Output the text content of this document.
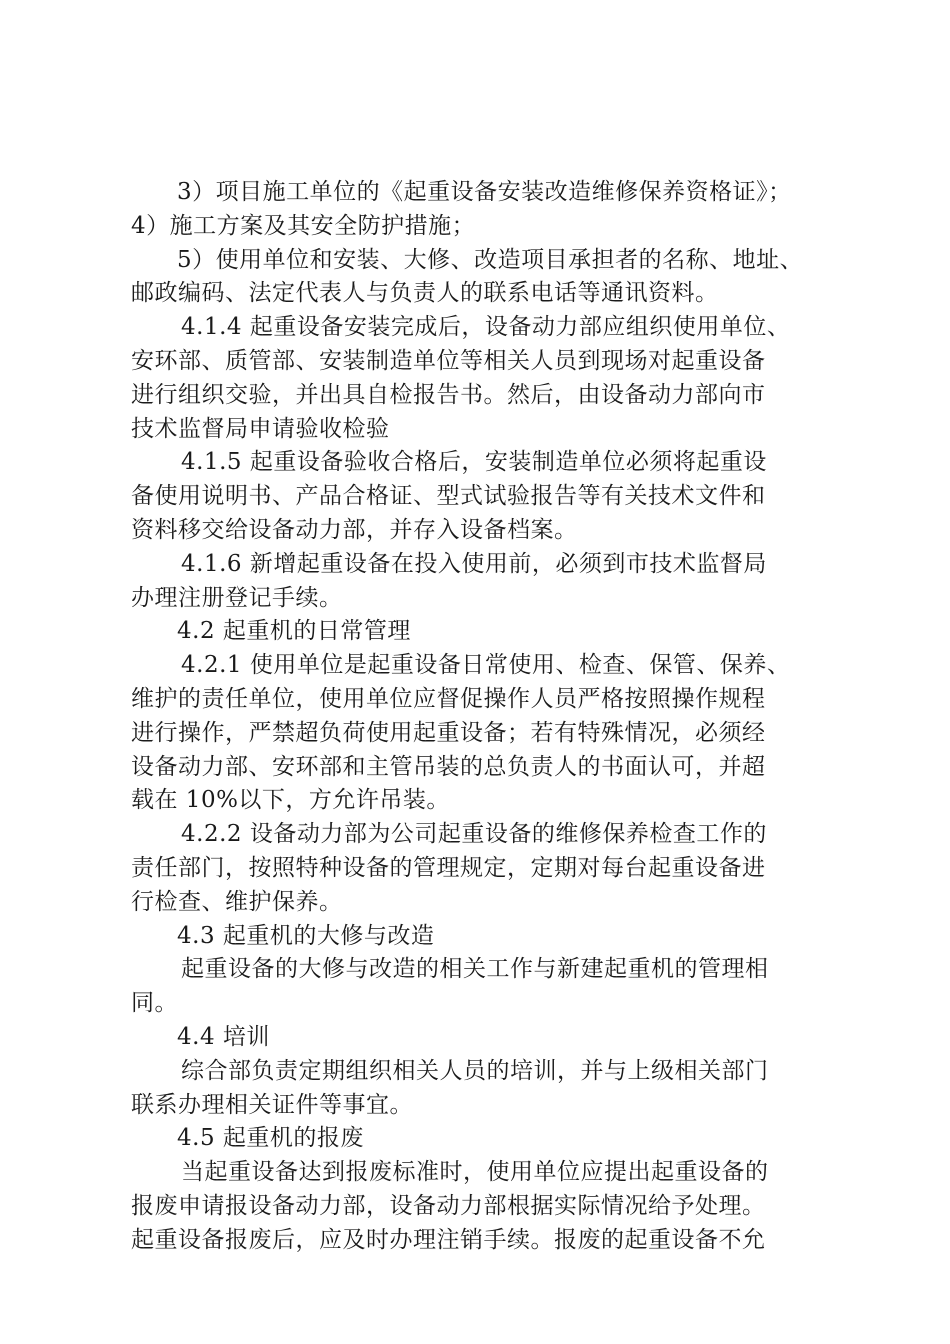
3）项目施工单位的《起重设备安装改造维修保养资格证》；
4）施工方案及其安全防护措施；
5）使用单位和安装、大修、改造项目承担者的名称、地址、
邮政编码、法定代表人与负责人的联系电话等通讯资料。
4.1.4 起重设备安装完成后，设备动力部应组织使用单位、
安环部、质管部、安装制造单位等相关人员到现场对起重设备
进行组织交验，并出具自检报告书。然后，由设备动力部向市
技术监督局申请验收检验
4.1.5 起重设备验收合格后，安装制造单位必须将起重设
备使用说明书、产品合格证、型式试验报告等有关技术文件和
资料移交给设备动力部，并存入设备档案。
4.1.6 新增起重设备在投入使用前，必须到市技术监督局
办理注册登记手续。
4.2 起重机的日常管理
4.2.1 使用单位是起重设备日常使用、检查、保管、保养、
维护的责任单位，使用单位应督促操作人员严格按照操作规程
进行操作，严禁超负荷使用起重设备；若有特殊情况，必须经
设备动力部、安环部和主管吊装的总负责人的书面认可，并超
载在 10%以下，方允许吊装。
4.2.2 设备动力部为公司起重设备的维修保养检查工作的
责任部门，按照特种设备的管理规定，定期对每台起重设备进
行检查、维护保养。
4.3 起重机的大修与改造
起重设备的大修与改造的相关工作与新建起重机的管理相
同。
4.4 培训
综合部负责定期组织相关人员的培训，并与上级相关部门
联系办理相关证件等事宜。
4.5 起重机的报废
当起重设备达到报废标准时，使用单位应提出起重设备的
报废申请报设备动力部，设备动力部根据实际情况给予处理。
起重设备报废后，应及时办理注销手续。报废的起重设备不允
